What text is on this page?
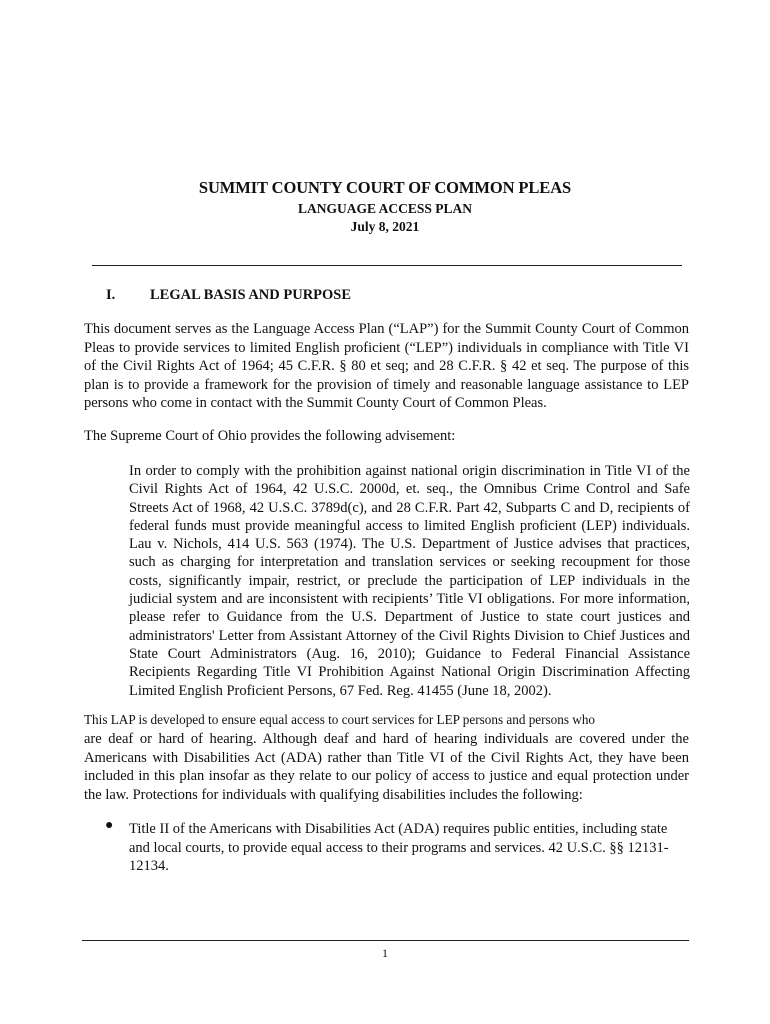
SUMMIT COUNTY COURT OF COMMON PLEAS
LANGUAGE ACCESS PLAN
July 8, 2021
I. LEGAL BASIS AND PURPOSE
This document serves as the Language Access Plan (“LAP”) for the Summit County Court of Common Pleas to provide services to limited English proficient (“LEP”) individuals in compliance with Title VI of the Civil Rights Act of 1964; 45 C.F.R. § 80 et seq; and 28 C.F.R. § 42 et seq. The purpose of this plan is to provide a framework for the provision of timely and reasonable language assistance to LEP persons who come in contact with the Summit County Court of Common Pleas.
The Supreme Court of Ohio provides the following advisement:
In order to comply with the prohibition against national origin discrimination in Title VI of the Civil Rights Act of 1964, 42 U.S.C. 2000d, et. seq., the Omnibus Crime Control and Safe Streets Act of 1968, 42 U.S.C. 3789d(c), and 28 C.F.R. Part 42, Subparts C and D, recipients of federal funds must provide meaningful access to limited English proficient (LEP) individuals. Lau v. Nichols, 414 U.S. 563 (1974). The U.S. Department of Justice advises that practices, such as charging for interpretation and translation services or seeking recoupment for those costs, significantly impair, restrict, or preclude the participation of LEP individuals in the judicial system and are inconsistent with recipients’ Title VI obligations. For more information, please refer to Guidance from the U.S. Department of Justice to state court justices and administrators' Letter from Assistant Attorney of the Civil Rights Division to Chief Justices and State Court Administrators (Aug. 16, 2010); Guidance to Federal Financial Assistance Recipients Regarding Title VI Prohibition Against National Origin Discrimination Affecting Limited English Proficient Persons, 67 Fed. Reg. 41455 (June 18, 2002).
This LAP is developed to ensure equal access to court services for LEP persons and persons who
are deaf or hard of hearing. Although deaf and hard of hearing individuals are covered under the Americans with Disabilities Act (ADA) rather than Title VI of the Civil Rights Act, they have been included in this plan insofar as they relate to our policy of access to justice and equal protection under the law. Protections for individuals with qualifying disabilities includes the following:
● Title II of the Americans with Disabilities Act (ADA) requires public entities, including state and local courts, to provide equal access to their programs and services. 42 U.S.C. §§ 12131-12134.
1
